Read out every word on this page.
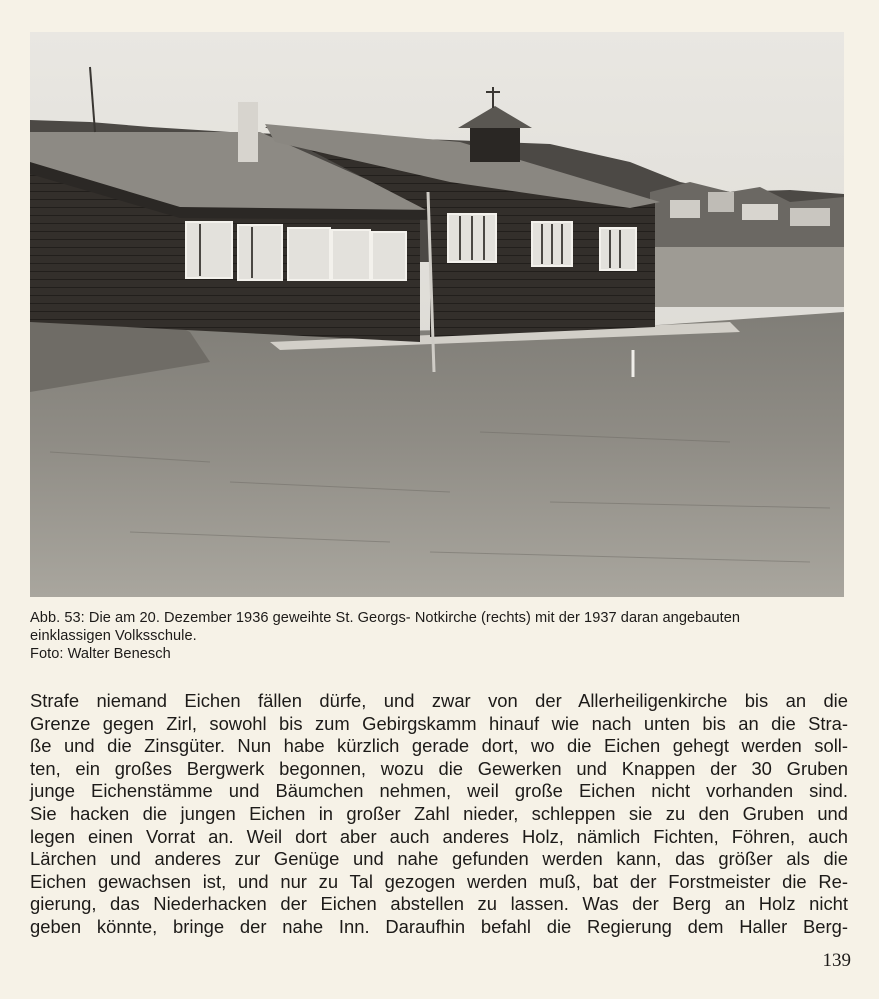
Abb. 53: Die am 20. Dezember 1936 geweihte St. Georgs- Notkirche (rechts) mit der 1937 daran angebauten

einklassigen Volksschule.

Foto: Walter Benesch

Strafe niemand Eichen fällen dürfe, und zwar von der Allerheiligenkirche bis an die
Grenze gegen Zirl, sowohl bis zum Gebirgskamm hinauf wie nach unten bis an die Stra-
ße und die Zinsgüter. Nun habe kürzlich gerade dort, wo die Eichen gehegt werden soll-
ten, ein großes Bergwerk begonnen, wozu die Gewerken und Knappen der 30 Gruben
junge Eichenstämme und Bäumchen nehmen, weil große Eichen nicht vorhanden sind.
Sie hacken die jungen Eichen in großer Zahl nieder, schleppen sie zu den Gruben und
legen einen Vorrat an. Weil dort aber auch anderes Holz, nämlich Fichten, Föhren, auch
Lärchen und anderes zur Genüge und nahe gefunden werden kann, das größer als die
Eichen gewachsen ist, und nur zu Tal gezogen werden muß, bat der Forstmeister die Re-
gierung, das Niederhacken der Eichen abstellen zu lassen. Was der Berg an Holz nicht
geben könnte, bringe der nahe Inn. Daraufhin befahl die Regierung dem Haller Berg-
139
